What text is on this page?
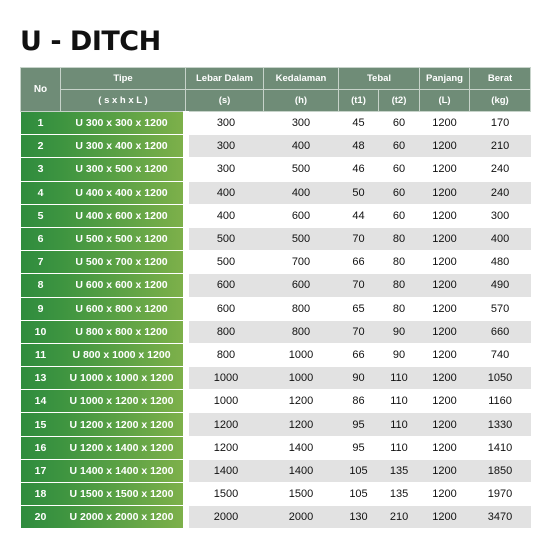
U - DITCH
No	Tipe	Lebar Dalam	Kedalaman	Tebal		Panjang	Berat
	( s x h x L )	(s)	(h)	(t1)	(t2)	(L)	(kg)
1	U 300 x 300 x 1200	300	300	45	60	1200	170
2	U 300 x 400 x 1200	300	400	48	60	1200	210
3	U 300 x 500 x 1200	300	500	46	60	1200	240
4	U 400 x 400 x 1200	400	400	50	60	1200	240
5	U 400 x 600 x 1200	400	600	44	60	1200	300
6	U 500 x 500 x 1200	500	500	70	80	1200	400
7	U 500 x 700 x 1200	500	700	66	80	1200	480
8	U 600 x 600 x 1200	600	600	70	80	1200	490
9	U 600 x 800 x 1200	600	800	65	80	1200	570
10	U 800 x 800 x 1200	800	800	70	90	1200	660
11	U 800 x 1000 x 1200	800	1000	66	90	1200	740
13	U 1000 x 1000 x 1200	1000	1000	90	110	1200	1050
14	U 1000 x 1200 x 1200	1000	1200	86	110	1200	1160
15	U 1200 x 1200 x 1200	1200	1200	95	110	1200	1330
16	U 1200 x 1400 x 1200	1200	1400	95	110	1200	1410
17	U 1400 x 1400 x 1200	1400	1400	105	135	1200	1850
18	U 1500 x 1500 x 1200	1500	1500	105	135	1200	1970
20	U 2000 x 2000 x 1200	2000	2000	130	210	1200	3470
